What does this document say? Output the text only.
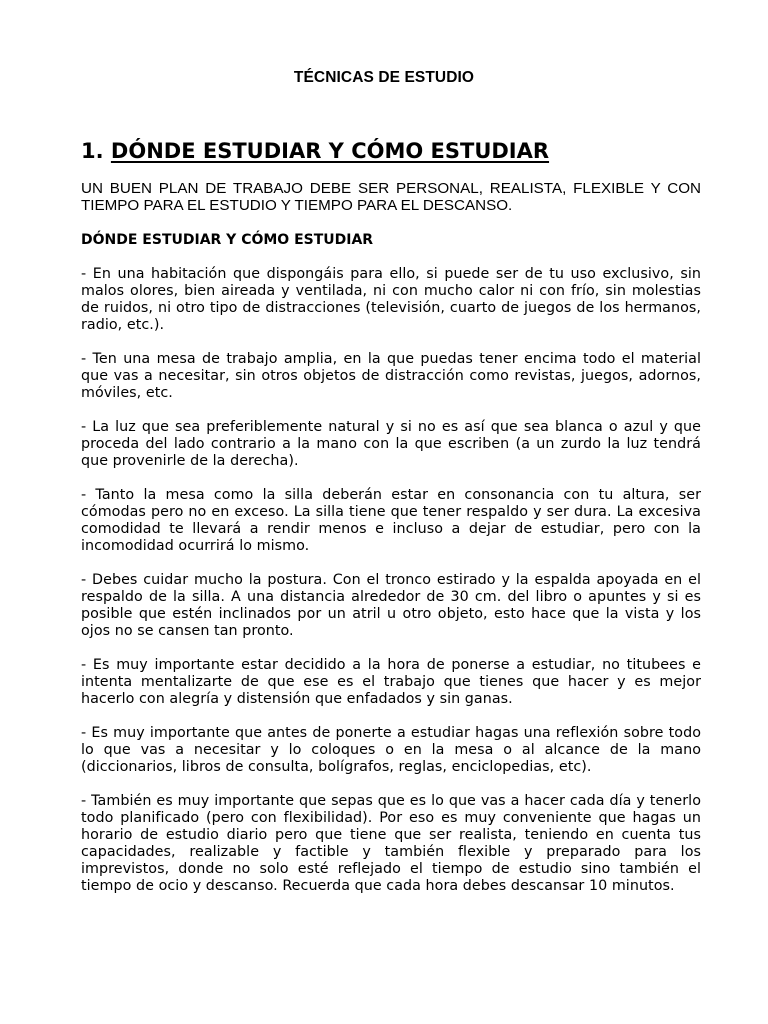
TÉCNICAS DE ESTUDIO
1. DÓNDE ESTUDIAR Y CÓMO ESTUDIAR
UN BUEN PLAN DE TRABAJO DEBE SER PERSONAL, REALISTA, FLEXIBLE Y CON TIEMPO PARA EL ESTUDIO Y TIEMPO PARA EL DESCANSO.
DÓNDE ESTUDIAR Y CÓMO ESTUDIAR

- En una habitación que dispongáis para ello, si puede ser de tu uso exclusivo, sin malos olores, bien aireada y ventilada, ni con mucho calor ni con frío, sin molestias de ruidos, ni otro tipo de distracciones (televisión, cuarto de juegos de los hermanos, radio, etc.).

- Ten una mesa de trabajo amplia, en la que puedas tener encima todo el material que vas a necesitar, sin otros objetos de distracción como revistas, juegos, adornos, móviles, etc.

- La luz que sea preferiblemente natural y si no es así que sea blanca o azul y que proceda del lado contrario a la mano con la que escriben (a un zurdo la luz tendrá que provenirle de la derecha).

- Tanto la mesa como la silla deberán estar en consonancia con tu altura, ser cómodas pero no en exceso. La silla tiene que tener respaldo y ser dura. La excesiva comodidad te llevará a rendir menos e incluso a dejar de estudiar, pero con la incomodidad ocurrirá lo mismo.

- Debes cuidar mucho la postura. Con el tronco estirado y la espalda apoyada en el respaldo de la silla. A una distancia alrededor de 30 cm. del libro o apuntes y si es posible que estén inclinados por un atril u otro objeto, esto hace que la vista y los ojos no se cansen tan pronto.

- Es muy importante estar decidido a la hora de ponerse a estudiar, no titubees e intenta mentalizarte de que ese es el trabajo que tienes que hacer y es mejor hacerlo con alegría y distensión que enfadados y sin ganas.

- Es muy importante que antes de ponerte a estudiar hagas una reflexión sobre todo lo que vas a necesitar y lo coloques o en la mesa o al alcance de la mano (diccionarios, libros de consulta, bolígrafos, reglas, enciclopedias, etc).

- También es muy importante que sepas que es lo que vas a hacer cada día y tenerlo todo planificado (pero con flexibilidad). Por eso es muy conveniente que hagas un horario de estudio diario pero que tiene que ser realista, teniendo en cuenta tus capacidades, realizable y factible y también flexible y preparado para los imprevistos, donde no solo esté reflejado el tiempo de estudio sino también el tiempo de ocio y descanso. Recuerda que cada hora debes descansar 10 minutos.
